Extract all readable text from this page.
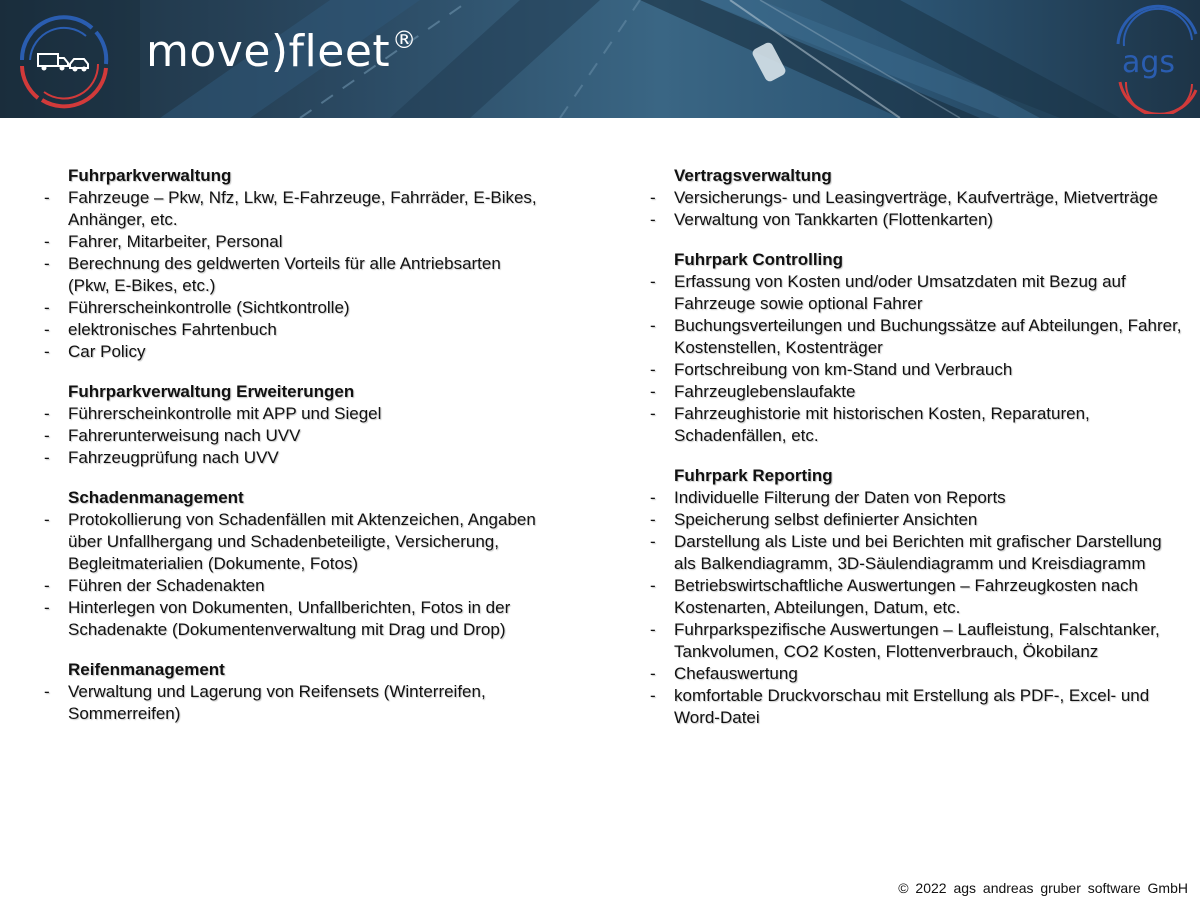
move)fleet®
ags
Fuhrparkverwaltung
- Fahrzeuge – Pkw, Nfz, Lkw, E-Fahrzeuge, Fahrräder, E-Bikes, Anhänger, etc.
- Fahrer, Mitarbeiter, Personal
- Berechnung des geldwerten Vorteils für alle Antriebsarten (Pkw, E-Bikes, etc.)
- Führerscheinkontrolle (Sichtkontrolle)
- elektronisches Fahrtenbuch
- Car Policy
Fuhrparkverwaltung Erweiterungen
- Führerscheinkontrolle mit APP und Siegel
- Fahrerunterweisung nach UVV
- Fahrzeugprüfung nach UVV
Schadenmanagement
- Protokollierung von Schadenfällen mit Aktenzeichen, Angaben über Unfallhergang und Schadenbeteiligte, Versicherung, Begleitmaterialien (Dokumente, Fotos)
- Führen der Schadenakten
- Hinterlegen von Dokumenten, Unfallberichten, Fotos in der Schadenakte (Dokumentenverwaltung mit Drag und Drop)
Reifenmanagement
- Verwaltung und Lagerung von Reifensets (Winterreifen, Sommerreifen)
Vertragsverwaltung
- Versicherungs- und Leasingverträge, Kaufverträge, Mietverträge
- Verwaltung von Tankkarten (Flottenkarten)
Fuhrpark Controlling
- Erfassung von Kosten und/oder Umsatzdaten mit Bezug auf Fahrzeuge sowie optional Fahrer
- Buchungsverteilungen und Buchungssätze auf Abteilungen, Fahrer, Kostenstellen, Kostenträger
- Fortschreibung von km-Stand und Verbrauch
- Fahrzeuglebenslaufakte
- Fahrzeughistorie mit historischen Kosten, Reparaturen, Schadenfällen, etc.
Fuhrpark Reporting
- Individuelle Filterung der Daten von Reports
- Speicherung selbst definierter Ansichten
- Darstellung als Liste und bei Berichten mit grafischer Darstellung als Balkendiagramm, 3D-Säulendiagramm und Kreisdiagramm
- Betriebswirtschaftliche Auswertungen – Fahrzeugkosten nach Kostenarten, Abteilungen, Datum, etc.
- Fuhrparkspezifische Auswertungen – Laufleistung, Falschtanker, Tankvolumen, CO2 Kosten, Flottenverbrauch, Ökobilanz
- Chefauswertung
- komfortable Druckvorschau mit Erstellung als PDF-, Excel- und Word-Datei
© 2022 ags andreas gruber software GmbH
